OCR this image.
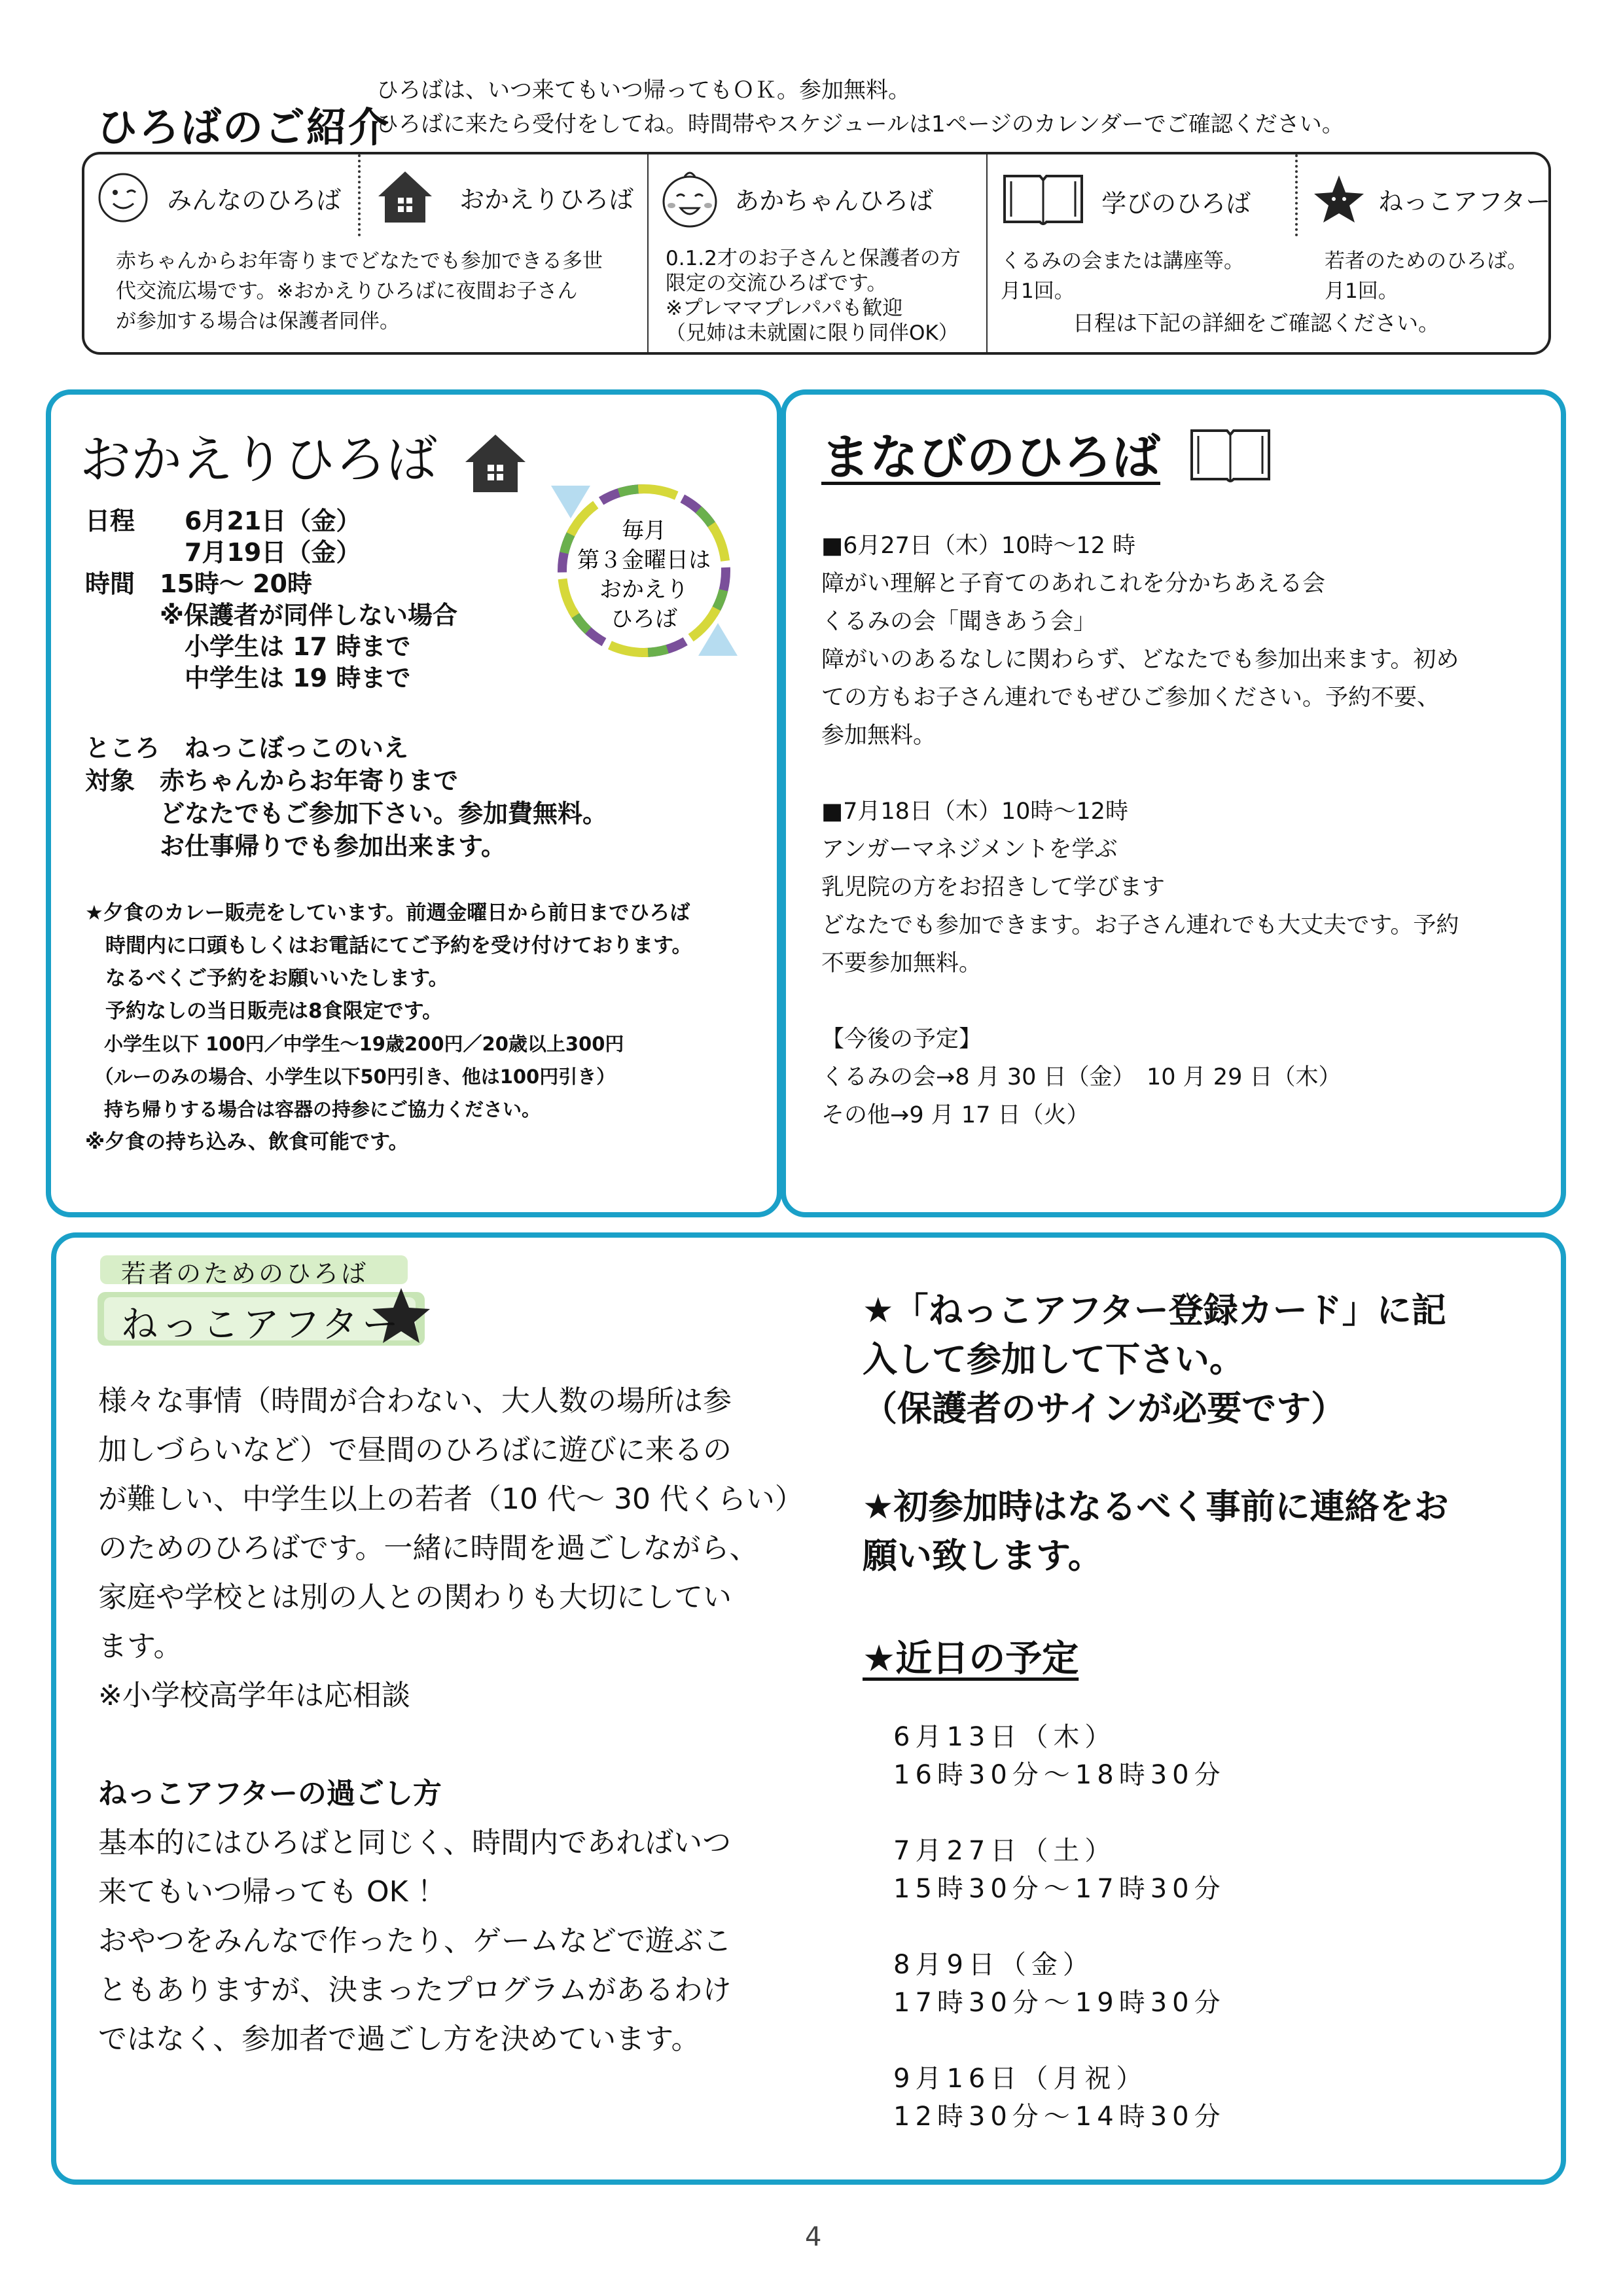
ひろばのご紹介
ひろばは、いつ来てもいつ帰ってもＯＫ。参加無料。
ひろばに来たら受付をしてね。時間帯やスケジュールは1ページのカレンダーでご確認ください。
みんなのひろば	おかえりひろば	あかちゃんひろば	学びのひろば	ねっこアフター
赤ちゃんからお年寄りまでどなたでも参加できる多世
代交流広場です。※おかえりひろばに夜間お子さん
が参加する場合は保護者同伴。
0.1.2才のお子さんと保護者の方
限定の交流ひろばです。
※プレママプレパパも歓迎
（兄姉は未就園に限り同伴OK）
くるみの会または講座等。
月1回。
若者のためのひろば。
月1回。
日程は下記の詳細をご確認ください。
おかえりひろば
日程　　6月21日（金）
　　　　7月19日（金）
時間　15時～ 20時
　　　※保護者が同伴しない場合
　　　　小学生は 17 時まで
　　　　中学生は 19 時まで
ところ　ねっこぼっこのいえ
対象　赤ちゃんからお年寄りまで
　　　どなたでもご参加下さい。参加費無料。
　　　お仕事帰りでも参加出来ます。
★夕食のカレー販売をしています。前週金曜日から前日までひろば
　時間内に口頭もしくはお電話にてご予約を受け付けております。
　なるべくご予約をお願いいたします。
　予約なしの当日販売は8食限定です。
　小学生以下 100円／中学生～19歳200円／20歳以上300円
　（ルーのみの場合、小学生以下50円引き、他は100円引き）
　持ち帰りする場合は容器の持参にご協力ください。
※夕食の持ち込み、飲食可能です。
毎月
第３金曜日は
おかえり
ひろば
まなびのひろば
■6月27日（木）10時～12 時
障がい理解と子育てのあれこれを分かちあえる会
くるみの会「聞きあう会」
障がいのあるなしに関わらず、どなたでも参加出来ます。初め
ての方もお子さん連れでもぜひご参加ください。予約不要、
参加無料。

■7月18日（木）10時～12時
アンガーマネジメントを学ぶ
乳児院の方をお招きして学びます
どなたでも参加できます。お子さん連れでも大丈夫です。予約
不要参加無料。

【今後の予定】
くるみの会→8 月 30 日（金）　10 月 29 日（木）
その他→9 月 17 日（火）
若者のためのひろば
ねっこアフター
様々な事情（時間が合わない、大人数の場所は参
加しづらいなど）で昼間のひろばに遊びに来るの
が難しい、中学生以上の若者（10 代～ 30 代くらい）
のためのひろばです。一緒に時間を過ごしながら、
家庭や学校とは別の人との関わりも大切にしてい
ます。
※小学校高学年は応相談

ねっこアフターの過ごし方
基本的にはひろばと同じく、時間内であればいつ
来てもいつ帰っても OK ！
おやつをみんなで作ったり、ゲームなどで遊ぶこ
ともありますが、決まったプログラムがあるわけ
ではなく、参加者で過ごし方を決めています。
★「ねっこアフター登録カード」に記
入して参加して下さい。
（保護者のサインが必要です）

★初参加時はなるべく事前に連絡をお
願い致します。
★近日の予定
6月13日（木）
16時30分～18時30分

7月27日（土）
15時30分～17時30分

8月9日（金）
17時30分～19時30分

9月16日（月祝）
12時30分～14時30分
4
